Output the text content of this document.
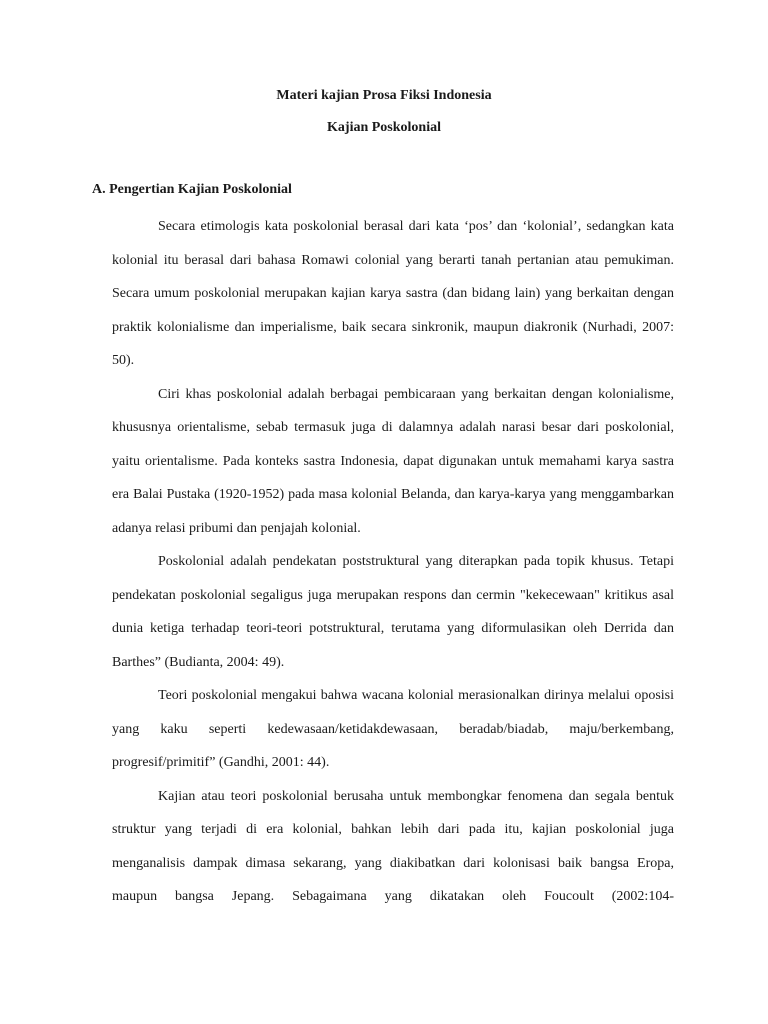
Materi kajian Prosa Fiksi Indonesia
Kajian Poskolonial
A. Pengertian Kajian Poskolonial

Secara etimologis kata poskolonial berasal dari kata ‘pos’ dan ‘kolonial’, sedangkan kata kolonial itu berasal dari bahasa Romawi colonial yang berarti tanah pertanian atau pemukiman. Secara umum poskolonial merupakan kajian karya sastra (dan bidang lain) yang berkaitan dengan praktik kolonialisme dan imperialisme, baik secara sinkronik, maupun diakronik (Nurhadi, 2007: 50).

Ciri khas poskolonial adalah berbagai pembicaraan yang berkaitan dengan kolonialisme, khususnya orientalisme, sebab termasuk juga di dalamnya adalah narasi besar dari poskolonial, yaitu orientalisme. Pada konteks sastra Indonesia, dapat digunakan untuk memahami karya sastra era Balai Pustaka (1920-1952) pada masa kolonial Belanda, dan karya-karya yang menggambarkan adanya relasi pribumi dan penjajah kolonial.

Poskolonial adalah pendekatan poststruktural yang diterapkan pada topik khusus. Tetapi pendekatan poskolonial segaligus juga merupakan respons dan cermin "kekecewaan" kritikus asal dunia ketiga terhadap teori-teori potstruktural, terutama yang diformulasikan oleh Derrida dan Barthes” (Budianta, 2004: 49).

Teori poskolonial mengakui bahwa wacana kolonial merasionalkan dirinya melalui oposisi yang kaku seperti kedewasaan/ketidakdewasaan, beradab/biadab, maju/berkembang, progresif/primitif” (Gandhi, 2001: 44).

Kajian atau teori poskolonial berusaha untuk membongkar fenomena dan segala bentuk struktur yang terjadi di era kolonial, bahkan lebih dari pada itu, kajian poskolonial juga menganalisis dampak dimasa sekarang, yang diakibatkan dari kolonisasi baik bangsa Eropa, maupun bangsa Jepang. Sebagaimana yang dikatakan oleh Foucoult (2002:104-
